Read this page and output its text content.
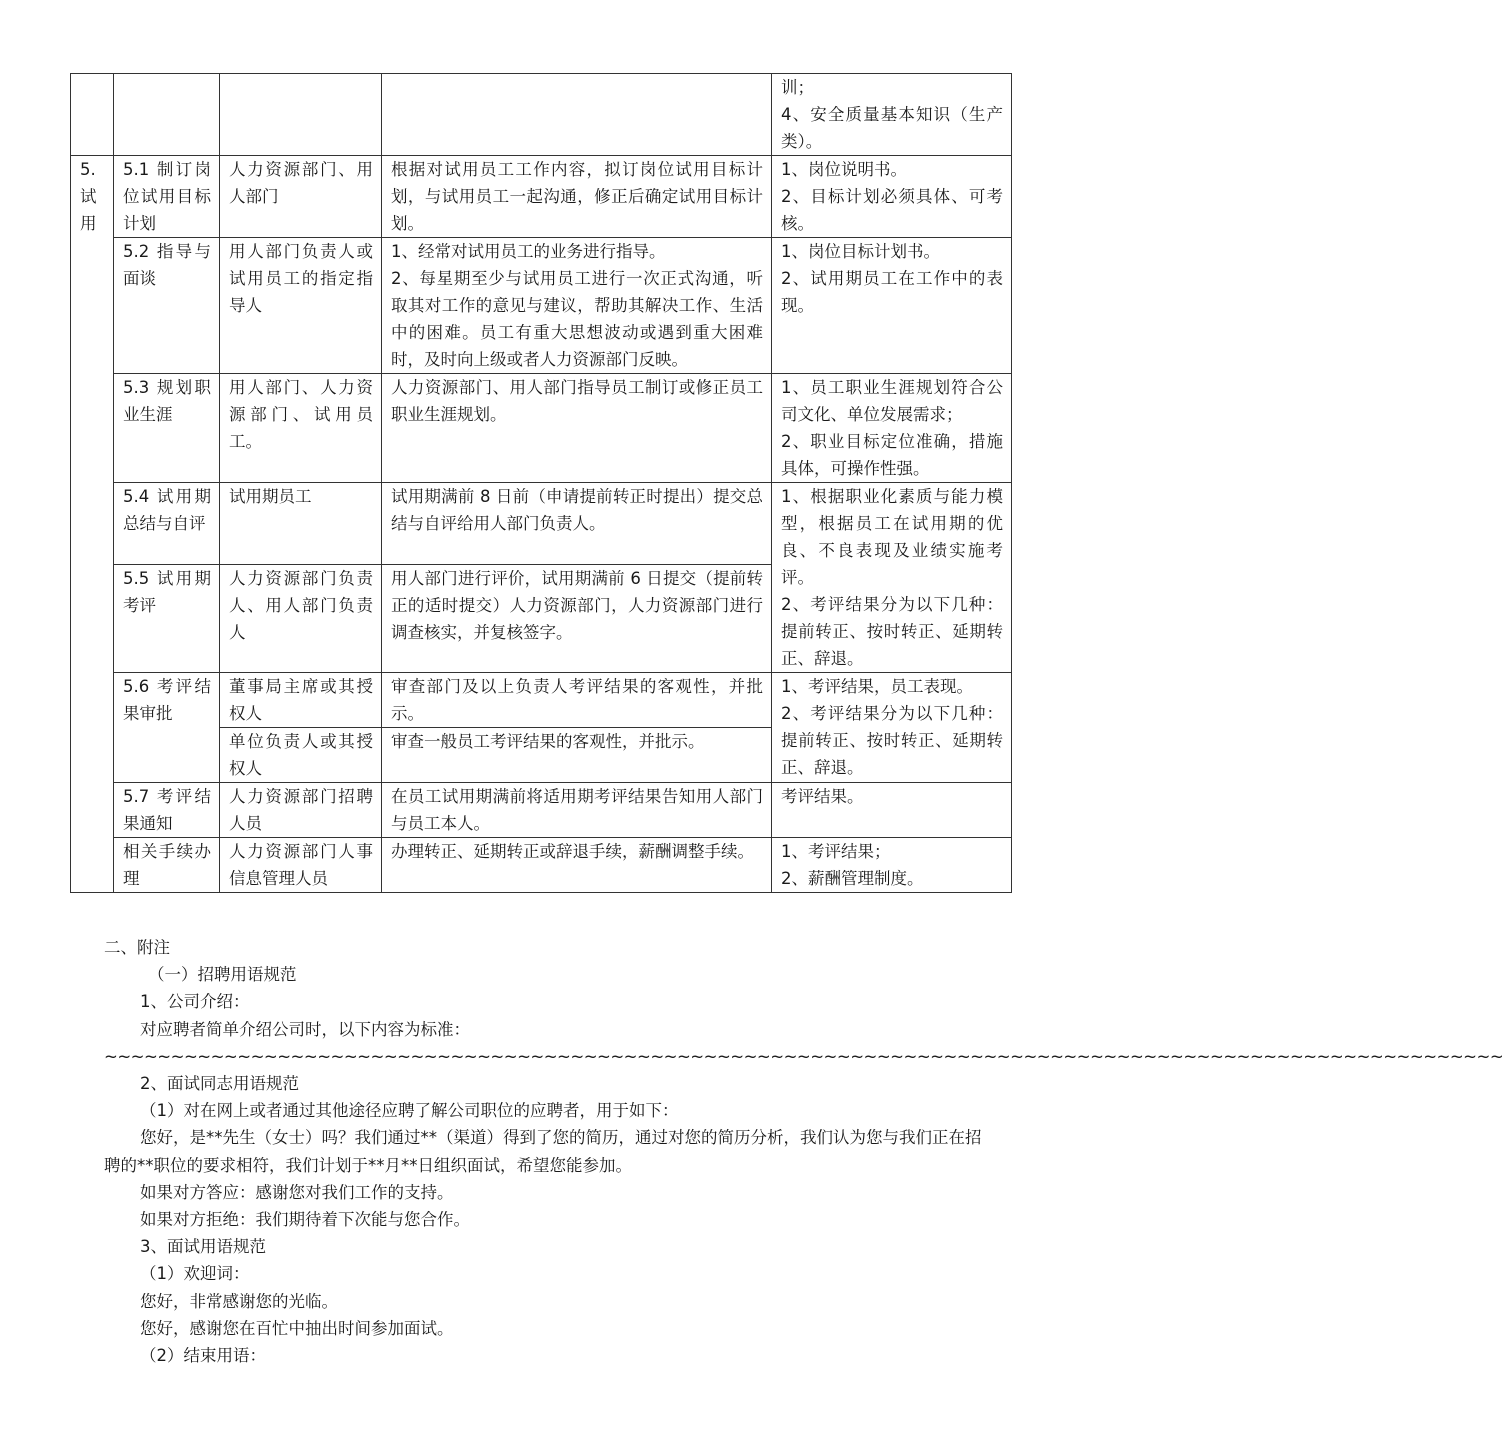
				训；
4、安全质量基本知识（生产类）。

5.
试
用	5.1 制订岗位试用目标计划	人力资源部门、用人部门	根据对试用员工工作内容，拟订岗位试用目标计划，与试用员工一起沟通，修正后确定试用目标计划。	1、岗位说明书。
2、目标计划必须具体、可考核。

	5.2 指导与面谈	用人部门负责人或试用员工的指定指导人	1、经常对试用员工的业务进行指导。
2、每星期至少与试用员工进行一次正式沟通，听取其对工作的意见与建议，帮助其解决工作、生活中的困难。员工有重大思想波动或遇到重大困难时，及时向上级或者人力资源部门反映。	1、岗位目标计划书。
2、试用期员工在工作中的表现。

	5.3 规划职业生涯	用人部门、人力资源部门、试用员工。	人力资源部门、用人部门指导员工制订或修正员工职业生涯规划。	1、员工职业生涯规划符合公司文化、单位发展需求；
2、职业目标定位准确，措施具体，可操作性强。

	5.4 试用期总结与自评	试用期员工	试用期满前 8 日前（申请提前转正时提出）提交总结与自评给用人部门负责人。	1、根据职业化素质与能力模型，根据员工在试用期的优良、不良表现及业绩实施考评。
2、考评结果分为以下几种：提前转正、按时转正、延期转正、辞退。

	5.5 试用期考评	人力资源部门负责人、用人部门负责人	用人部门进行评价，试用期满前 6 日提交（提前转正的适时提交）人力资源部门，人力资源部门进行调查核实，并复核签字。	
	5.6 考评结果审批	董事局主席或其授权人	审查部门及以上负责人考评结果的客观性，并批示。	1、考评结果，员工表现。
2、考评结果分为以下几种：提前转正、按时转正、延期转正、辞退。

		单位负责人或其授权人	审查一般员工考评结果的客观性，并批示。	
	5.7 考评结果通知	人力资源部门招聘人员	在员工试用期满前将适用期考评结果告知用人部门与员工本人。	考评结果。
	相关手续办理	人力资源部门人事信息管理人员	办理转正、延期转正或辞退手续，薪酬调整手续。	1、考评结果；
2、薪酬管理制度。
二、附注
（一）招聘用语规范
1、公司介绍：
对应聘者简单介绍公司时，以下内容为标准：
~~~~~~~~~~~~~~~~~~~~~~~~~~~~~~~~~~~~~~~~~~~~~~~~~~~~~~~~~~~~~~~~~~~~~~~~~~~~~~~~~~~~~~~~~~~~~~~~~~~~~~~~~
2、面试同志用语规范
（1）对在网上或者通过其他途径应聘了解公司职位的应聘者，用于如下：
您好，是**先生（女士）吗？我们通过**（渠道）得到了您的简历，通过对您的简历分析，我们认为您与我们正在招聘的**职位的要求相符，我们计划于**月**日组织面试，希望您能参加。
如果对方答应：感谢您对我们工作的支持。
如果对方拒绝：我们期待着下次能与您合作。
3、面试用语规范
（1）欢迎词：
您好，非常感谢您的光临。
您好，感谢您在百忙中抽出时间参加面试。
（2）结束用语：
